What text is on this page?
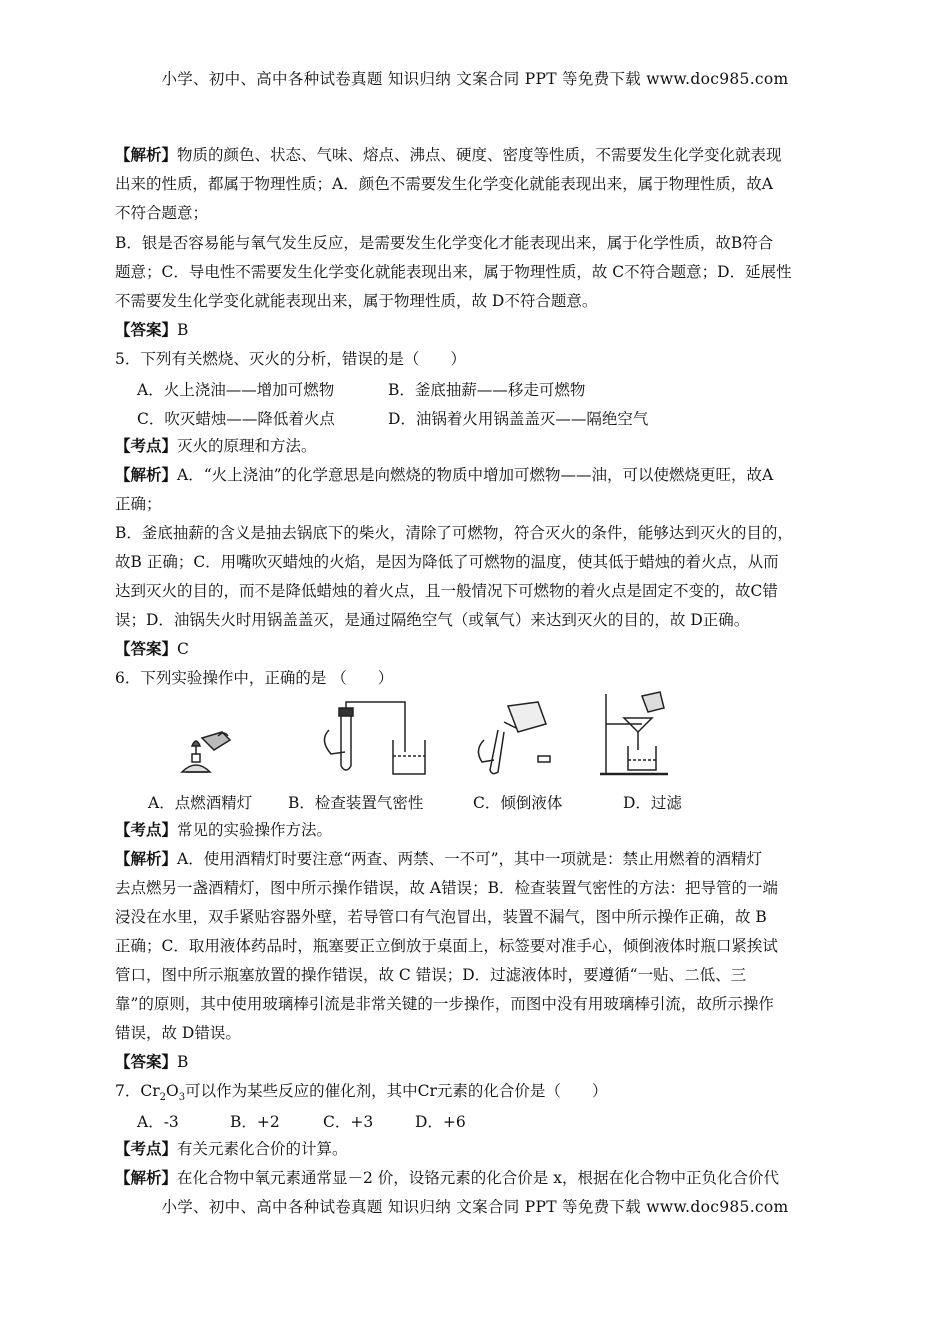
小学、初中、高中各种试卷真题 知识归纳 文案合同 PPT 等免费下载 www.doc985.com
【解析】物质的颜色、状态、气味、熔点、沸点、硬度、密度等性质，不需要发生化学变化就表现
出来的性质，都属于物理性质；A．颜色不需要发生化学变化就能表现出来，属于物理性质，故A
不符合题意；
B．银是否容易能与氧气发生反应，是需要发生化学变化才能表现出来，属于化学性质，故B符合
题意；C．导电性不需要发生化学变化就能表现出来，属于物理性质，故 C不符合题意；D．延展性
不需要发生化学变化就能表现出来，属于物理性质，故 D不符合题意。
【答案】B
5．下列有关燃烧、灭火的分析，错误的是（　　）
A．火上浇油——增加可燃物	B．釜底抽薪——移走可燃物
C．吹灭蜡烛——降低着火点	D．油锅着火用锅盖盖灭——隔绝空气
【考点】灭火的原理和方法。
【解析】A．“火上浇油”的化学意思是向燃烧的物质中增加可燃物——油，可以使燃烧更旺，故A
正确；
B．釜底抽薪的含义是抽去锅底下的柴火，清除了可燃物，符合灭火的条件，能够达到灭火的目的，
故B 正确；C．用嘴吹灭蜡烛的火焰，是因为降低了可燃物的温度，使其低于蜡烛的着火点，从而
达到灭火的目的，而不是降低蜡烛的着火点，且一般情况下可燃物的着火点是固定不变的，故C错
误；D．油锅失火时用锅盖盖灭，是通过隔绝空气（或氧气）来达到灭火的目的，故 D正确。
【答案】C
6．下列实验操作中，正确的是 （　　）
A．点燃酒精灯 B．检查装置气密性	C．倾倒液体	D．过滤
【考点】常见的实验操作方法。
【解析】A．使用酒精灯时要注意“两查、两禁、一不可”，其中一项就是：禁止用燃着的酒精灯
去点燃另一盏酒精灯，图中所示操作错误，故 A错误；B．检查装置气密性的方法：把导管的一端
浸没在水里，双手紧贴容器外壁，若导管口有气泡冒出，装置不漏气，图中所示操作正确，故 B
正确；C．取用液体药品时，瓶塞要正立倒放于桌面上，标签要对准手心，倾倒液体时瓶口紧挨试
管口，图中所示瓶塞放置的操作错误，故 C 错误；D．过滤液体时，要遵循“一贴、二低、三
靠”的原则，其中使用玻璃棒引流是非常关键的一步操作，而图中没有用玻璃棒引流，故所示操作
错误，故 D错误。
【答案】B
7．$Cr_2O_3$可以作为某些反应的催化剂，其中Cr元素的化合价是（　　）
A．-3	B．+2	C．+3	D．+6
【考点】有关元素化合价的计算。
【解析】在化合物中氧元素通常显－2 价，设铬元素的化合价是 x，根据在化合物中正负化合价代
小学、初中、高中各种试卷真题 知识归纳 文案合同 PPT 等免费下载 www.doc985.com
